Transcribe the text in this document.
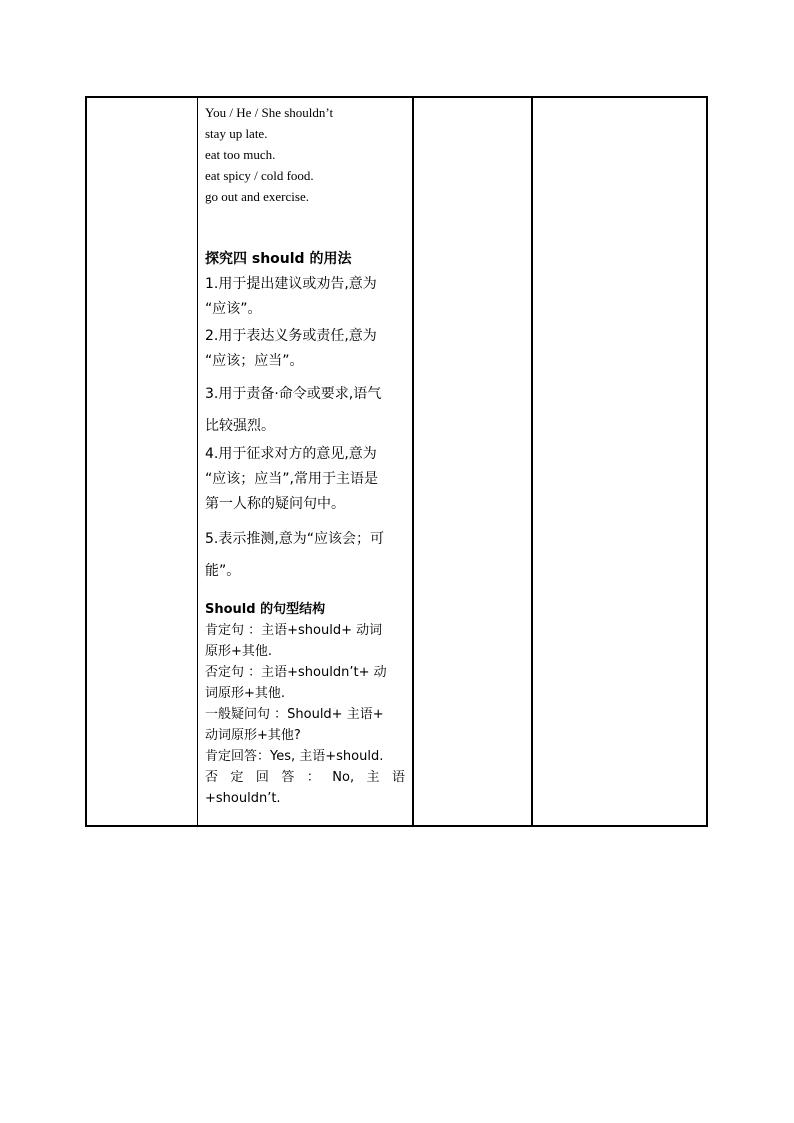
You / He / She shouldn’t
stay up late.
eat too much.
eat spicy / cold food.
go out and exercise.
探究四 should 的用法
1.用于提出建议或劝告,意为
“应该”。
2.用于表达义务或责任,意为
“应该；应当”。
3.用于责备·命令或要求,语气
比较强烈。
4.用于征求对方的意见,意为
“应该；应当”,常用于主语是
第一人称的疑问句中。
5.表示推测,意为“应该会；可
能”。
Should 的句型结构
肯定句 ：主语+should+ 动词
原形+其他.
否定句 ：主语+shouldn’t+ 动
词原形+其他.
一般疑问句 ：Should+ 主语+
动词原形+其他?
肯定回答：Yes, 主语+should.
否 定 回 答 ： No, 主 语
+shouldn’t.
